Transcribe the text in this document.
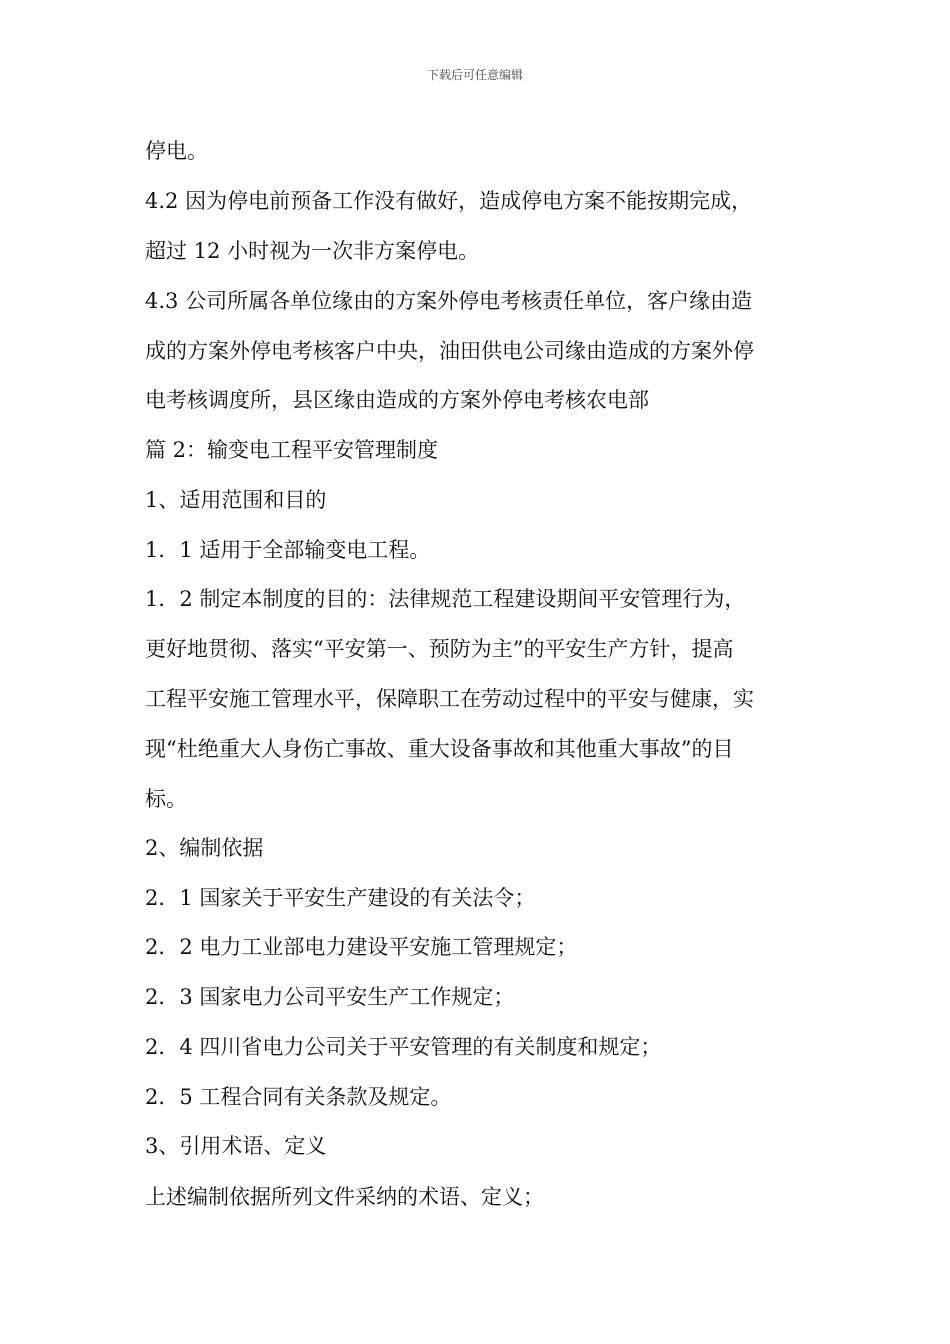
下载后可任意编辑
停电。
4.2 因为停电前预备工作没有做好，造成停电方案不能按期完成，
超过 12 小时视为一次非方案停电。
4.3 公司所属各单位缘由的方案外停电考核责任单位，客户缘由造
成的方案外停电考核客户中央，油田供电公司缘由造成的方案外停
电考核调度所，县区缘由造成的方案外停电考核农电部
篇 2：输变电工程平安管理制度
1、适用范围和目的
1．1 适用于全部输变电工程。
1．2 制定本制度的目的：法律规范工程建设期间平安管理行为，
更好地贯彻、落实“平安第一、预防为主”的平安生产方针，提高
工程平安施工管理水平，保障职工在劳动过程中的平安与健康，实
现“杜绝重大人身伤亡事故、重大设备事故和其他重大事故”的目
标。
2、编制依据
2．1 国家关于平安生产建设的有关法令；
2．2 电力工业部电力建设平安施工管理规定；
2．3 国家电力公司平安生产工作规定；
2．4 四川省电力公司关于平安管理的有关制度和规定；
2．5 工程合同有关条款及规定。
3、引用术语、定义
上述编制依据所列文件采纳的术语、定义；
